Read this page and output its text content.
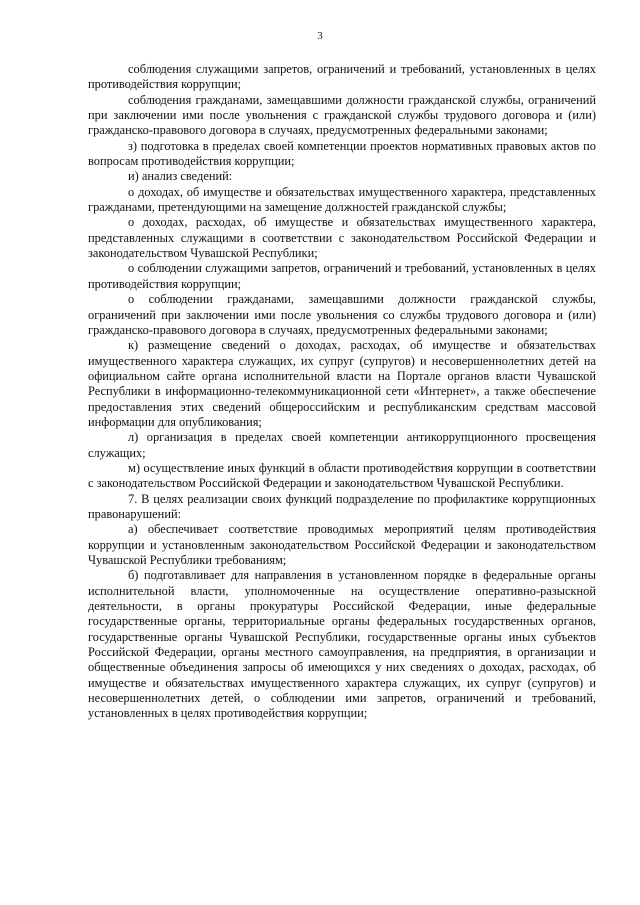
3

соблюдения служащими запретов, ограничений и требований, установленных в целях противодействия коррупции;

соблюдения гражданами, замещавшими должности гражданской службы, ограничений при заключении ими после увольнения с гражданской службы трудового договора и (или) гражданско-правового договора в случаях, предусмотренных федеральными законами;

з) подготовка в пределах своей компетенции проектов нормативных правовых актов по вопросам противодействия коррупции;

и) анализ сведений:

о доходах, об имуществе и обязательствах имущественного характера, представленных гражданами, претендующими на замещение должностей гражданской службы;

о доходах, расходах, об имуществе и обязательствах имущественного характера, представленных служащими в соответствии с законодательством Российской Федерации и законодательством Чувашской Республики;

о соблюдении служащими запретов, ограничений и требований, установленных в целях противодействия коррупции;

о соблюдении гражданами, замещавшими должности гражданской службы, ограничений при заключении ими после увольнения со службы трудового договора и (или) гражданско-правового договора в случаях, предусмотренных федеральными законами;

к) размещение сведений о доходах, расходах, об имуществе и обязательствах имущественного характера служащих, их супруг (супругов) и несовершеннолетних детей на официальном сайте органа исполнительной власти на Портале органов власти Чувашской Республики в информационно-телекоммуникационной сети «Интернет», а также обеспечение предоставления этих сведений общероссийским и республиканским средствам массовой информации для опубликования;

л) организация в пределах своей компетенции антикоррупционного просвещения служащих;

м) осуществление иных функций в области противодействия коррупции в соответствии с законодательством Российской Федерации и законодательством Чувашской Республики.

7. В целях реализации своих функций подразделение по профилактике коррупционных правонарушений:

а) обеспечивает соответствие проводимых мероприятий целям противодействия коррупции и установленным законодательством Российской Федерации и законодательством Чувашской Республики требованиям;

б) подготавливает для направления в установленном порядке в федеральные органы исполнительной власти, уполномоченные на осуществление оперативно-разыскной деятельности, в органы прокуратуры Российской Федерации, иные федеральные государственные органы, территориальные органы федеральных государственных органов, государственные органы Чувашской Республики, государственные органы иных субъектов Российской Федерации, органы местного самоуправления, на предприятия, в организации и общественные объединения запросы об имеющихся у них сведениях о доходах, расходах, об имуществе и обязательствах имущественного характера служащих, их супруг (супругов) и несовершеннолетних детей, о соблюдении ими запретов, ограничений и требований, установленных в целях противодействия коррупции;
